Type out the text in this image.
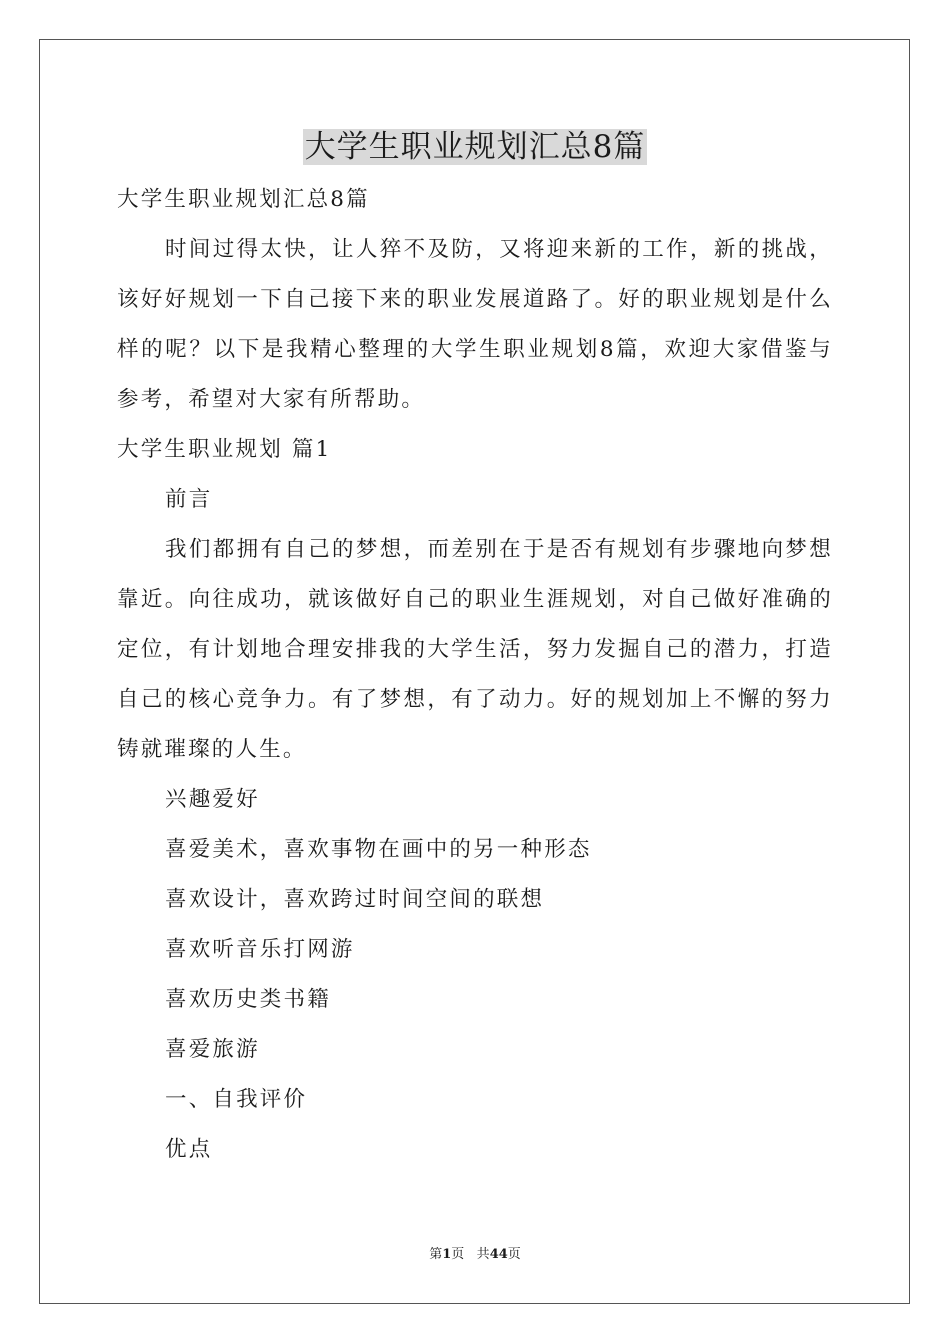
大学生职业规划汇总8篇

大学生职业规划汇总8篇

时间过得太快，让人猝不及防，又将迎来新的工作，新的挑战，该好好规划一下自己接下来的职业发展道路了。好的职业规划是什么样的呢？以下是我精心整理的大学生职业规划8篇，欢迎大家借鉴与参考，希望对大家有所帮助。

大学生职业规划 篇1

前言

我们都拥有自己的梦想，而差别在于是否有规划有步骤地向梦想靠近。向往成功，就该做好自己的职业生涯规划，对自己做好准确的定位，有计划地合理安排我的大学生活，努力发掘自己的潜力，打造自己的核心竞争力。有了梦想，有了动力。好的规划加上不懈的努力铸就璀璨的人生。

兴趣爱好

喜爱美术，喜欢事物在画中的另一种形态

喜欢设计，喜欢跨过时间空间的联想

喜欢听音乐打网游

喜欢历史类书籍

喜爱旅游

一、自我评价

优点

第1页 共44页
